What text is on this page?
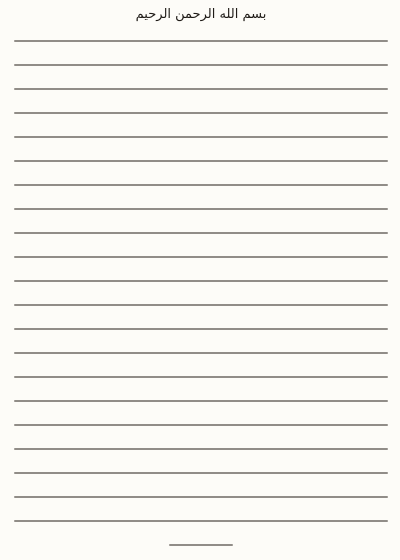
بسم الله الرحمن الرحيم
